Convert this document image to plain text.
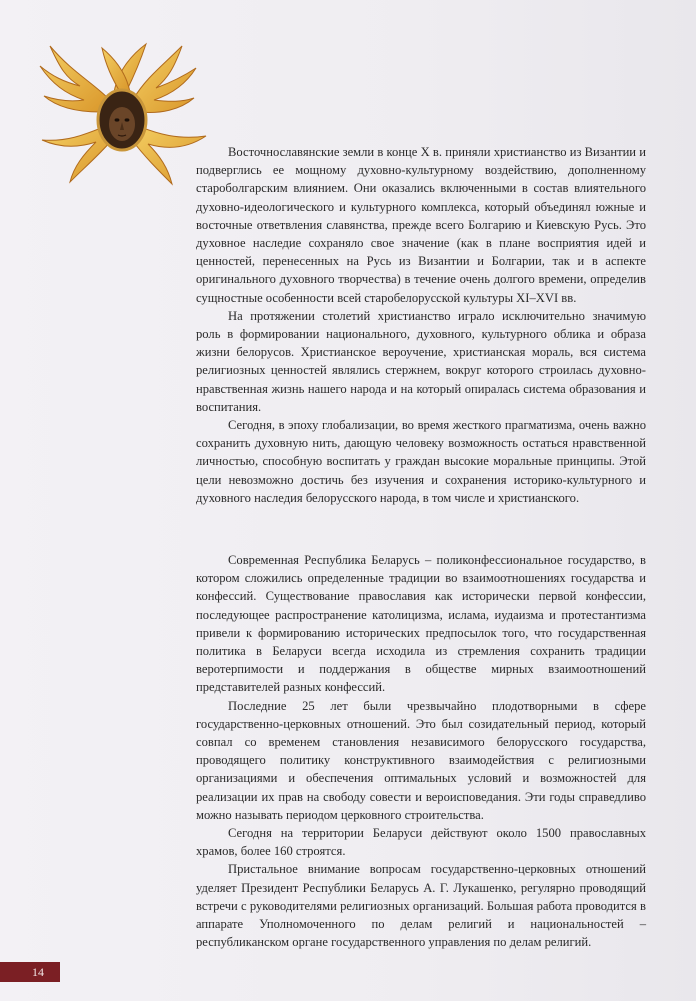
Восточнославянские земли в конце X в. приняли христианство из Византии и подверглись ее мощному духовно-культурному воздействию, дополненному староболгарским влиянием. Они оказались включенными в состав влиятельного духовно-идеологического и культурного комплекса, который объединял южные и восточные ответвления славянства, прежде всего Болгарию и Киевскую Русь. Это духовное наследие сохраняло свое значение (как в плане восприятия идей и ценностей, перенесенных на Русь из Византии и Болгарии, так и в аспекте оригинального духовного творчества) в течение очень долгого времени, определив сущностные особенности всей старобелорусской культуры XI–XVI вв.

На протяжении столетий христианство играло исключительно значимую роль в формировании национального, духовного, культурного облика и образа жизни белорусов. Христианское вероучение, христианская мораль, вся система религиозных ценностей являлись стержнем, вокруг которого строилась духовно-нравственная жизнь нашего народа и на который опиралась система образования и воспитания.

Сегодня, в эпоху глобализации, во время жесткого прагматизма, очень важно сохранить духовную нить, дающую человеку возможность остаться нравственной личностью, способную воспитать у граждан высокие моральные принципы. Этой цели невозможно достичь без изучения и сохранения историко-культурного и духовного наследия белорусского народа, в том числе и христианского.

Современная Республика Беларусь – поликонфессиональное государство, в котором сложились определенные традиции во взаимоотношениях государства и конфессий. Существование православия как исторически первой конфессии, последующее распространение католицизма, ислама, иудаизма и протестантизма привели к формированию исторических предпосылок того, что государственная политика в Беларуси всегда исходила из стремления сохранить традиции веротерпимости и поддержания в обществе мирных взаимоотношений представителей разных конфессий.

Последние 25 лет были чрезвычайно плодотворными в сфере государственно-церковных отношений. Это был созидательный период, который совпал со временем становления независимого белорусского государства, проводящего политику конструктивного взаимодействия с религиозными организациями и обеспечения оптимальных условий и возможностей для реализации их прав на свободу совести и вероисповедания. Эти годы справедливо можно называть периодом церковного строительства.

Сегодня на территории Беларуси действуют около 1500 православных храмов, более 160 строятся.

Пристальное внимание вопросам государственно-церковных отношений уделяет Президент Республики Беларусь А. Г. Лукашенко, регулярно проводящий встречи с руководителями религиозных организаций. Большая работа проводится в аппарате Уполномоченного по делам религий и национальностей – республиканском органе государственного управления по делам религий.

14
